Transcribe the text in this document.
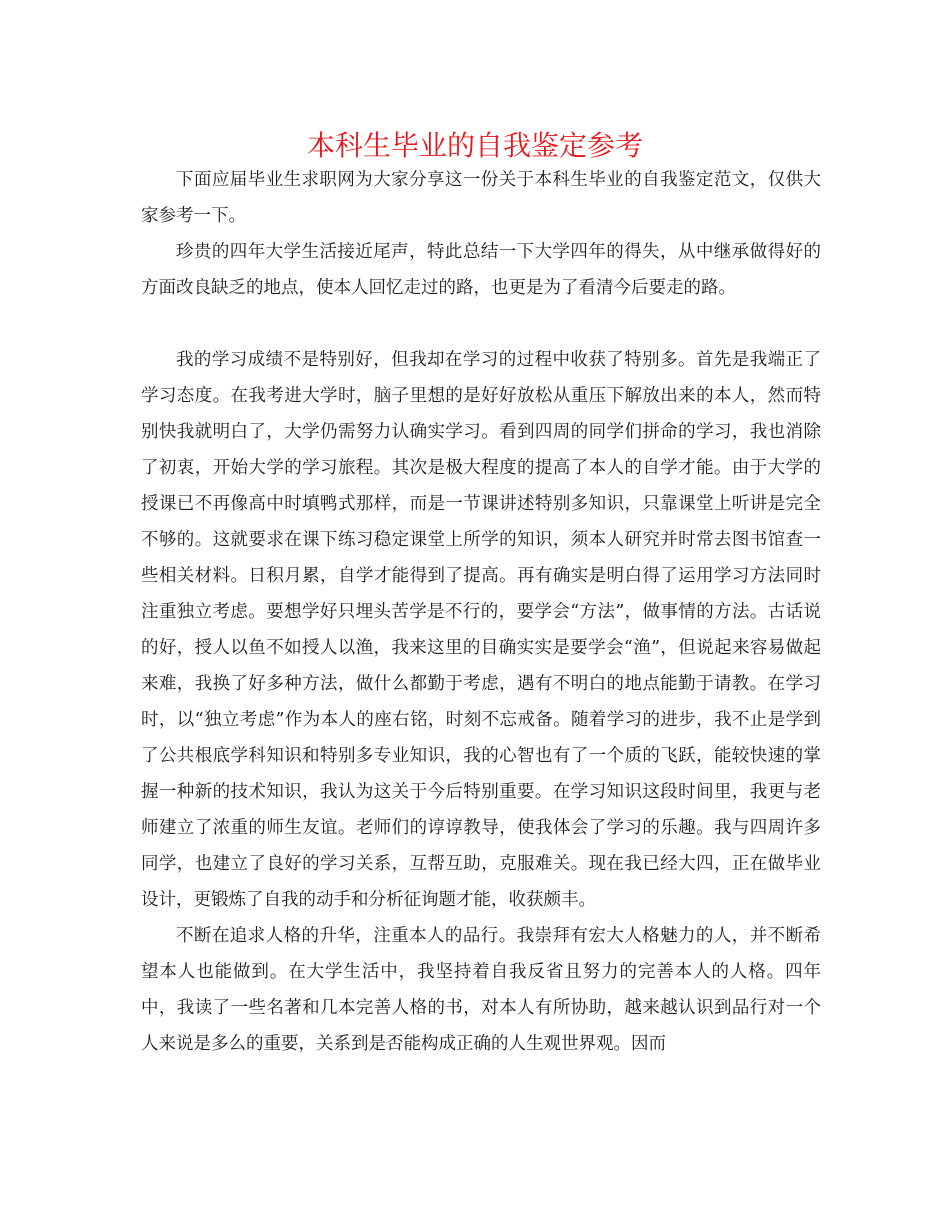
本科生毕业的自我鉴定参考

下面应届毕业生求职网为大家分享这一份关于本科生毕业的自我鉴定范文，仅供大家参考一下。

珍贵的四年大学生活接近尾声，特此总结一下大学四年的得失，从中继承做得好的方面改良缺乏的地点，使本人回忆走过的路，也更是为了看清今后要走的路。

我的学习成绩不是特别好，但我却在学习的过程中收获了特别多。首先是我端正了学习态度。在我考进大学时，脑子里想的是好好放松从重压下解放出来的本人，然而特别快我就明白了，大学仍需努力认确实学习。看到四周的同学们拼命的学习，我也消除了初衷，开始大学的学习旅程。其次是极大程度的提高了本人的自学才能。由于大学的授课已不再像高中时填鸭式那样，而是一节课讲述特别多知识，只靠课堂上听讲是完全不够的。这就要求在课下练习稳定课堂上所学的知识，须本人研究并时常去图书馆查一些相关材料。日积月累，自学才能得到了提高。再有确实是明白得了运用学习方法同时注重独立考虑。要想学好只埋头苦学是不行的，要学会“方法”，做事情的方法。古话说的好，授人以鱼不如授人以渔，我来这里的目确实实是要学会“渔”，但说起来容易做起来难，我换了好多种方法，做什么都勤于考虑，遇有不明白的地点能勤于请教。在学习时，以“独立考虑”作为本人的座右铭，时刻不忘戒备。随着学习的进步，我不止是学到了公共根底学科知识和特别多专业知识，我的心智也有了一个质的飞跃，能较快速的掌握一种新的技术知识，我认为这关于今后特别重要。在学习知识这段时间里，我更与老师建立了浓重的师生友谊。老师们的谆谆教导，使我体会了学习的乐趣。我与四周许多同学，也建立了良好的学习关系，互帮互助，克服难关。现在我已经大四，正在做毕业设计，更锻炼了自我的动手和分析征询题才能，收获颇丰。

不断在追求人格的升华，注重本人的品行。我崇拜有宏大人格魅力的人，并不断希望本人也能做到。在大学生活中，我坚持着自我反省且努力的完善本人的人格。四年中，我读了一些名著和几本完善人格的书，对本人有所协助，越来越认识到品行对一个人来说是多么的重要，关系到是否能构成正确的人生观世界观。因而
